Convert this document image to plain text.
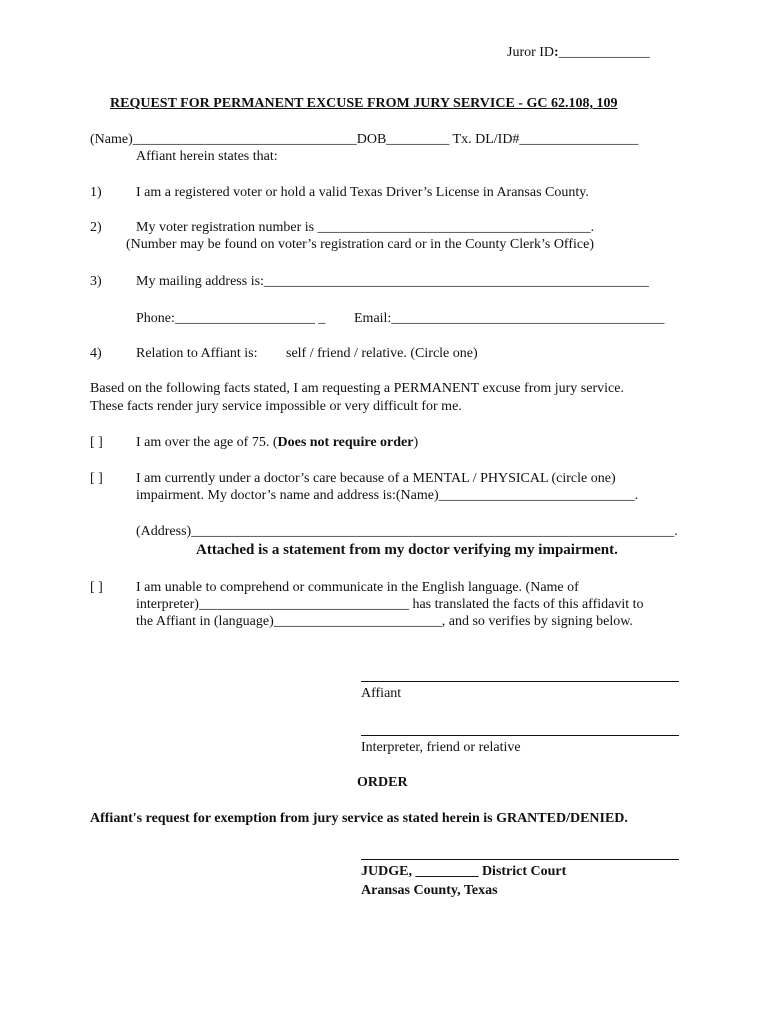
Juror ID:_____________
REQUEST FOR PERMANENT EXCUSE FROM JURY SERVICE - GC 62.108, 109
(Name)________________________________DOB_________ Tx. DL/ID#_________________
Affiant herein states that:
1) I am a registered voter or hold a valid Texas Driver’s License in Aransas County.
2) My voter registration number is _______________________________________.
(Number may be found on voter’s registration card or in the County Clerk’s Office)
3) My mailing address is:_______________________________________________________
Phone:____________________ _ Email:_______________________________________
4) Relation to Affiant is: self / friend / relative. (Circle one)
Based on the following facts stated, I am requesting a PERMANENT excuse from jury service.
These facts render jury service impossible or very difficult for me.
[ ] I am over the age of 75. (Does not require order)
[ ] I am currently under a doctor’s care because of a MENTAL / PHYSICAL (circle one)
impairment. My doctor’s name and address is:(Name)____________________________.
(Address)_____________________________________________________________________.
Attached is a statement from my doctor verifying my impairment.
[ ] I am unable to comprehend or communicate in the English language. (Name of
interpreter)______________________________ has translated the facts of this affidavit to
the Affiant in (language)________________________, and so verifies by signing below.
Affiant
Interpreter, friend or relative
ORDER
Affiant's request for exemption from jury service as stated herein is GRANTED/DENIED.
JUDGE, _________ District Court
Aransas County, Texas
